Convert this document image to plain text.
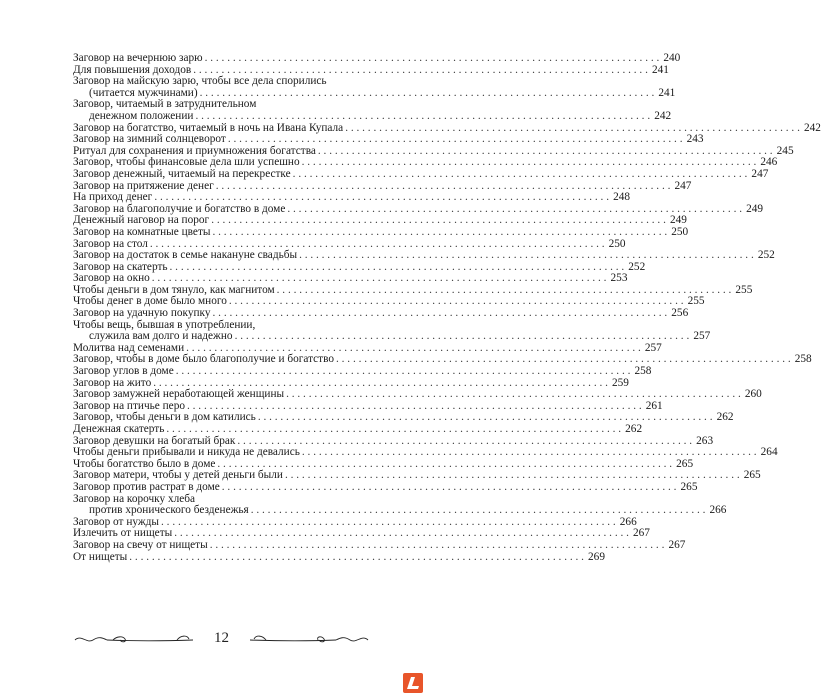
Заговор на вечернюю зарю . . .	240
Для повышения доходов . . .	241
Заговор на майскую зарю, чтобы все дела спорились
(читается мужчинами) . . .	241
Заговор, читаемый в затруднительном
денежном положении . . .	242
Заговор на богатство, читаемый в ночь на Ивана Купала . . .	242
Заговор на зимний солнцеворот . . .	243
Ритуал для сохранения и приумножения богатства . . .	245
Заговор, чтобы финансовые дела шли успешно . . .	246
Заговор денежный, читаемый на перекрестке . . .	247
Заговор на притяжение денег . . .	247
На приход денег . . .	248
Заговор на благополучие и богатство в доме . . .	249
Денежный наговор на порог . . .	249
Заговор на комнатные цветы . . .	250
Заговор на стол . . .	250
Заговор на достаток в семье накануне свадьбы . . .	252
Заговор на скатерть . . .	252
Заговор на окно . . .	253
Чтобы деньги в дом тянуло, как магнитом . . .	255
Чтобы денег в доме было много . . .	255
Заговор на удачную покупку . . .	256
Чтобы вещь, бывшая в употреблении,
служила вам долго и надежно . . .	257
Молитва над семенами . . .	257
Заговор, чтобы в доме было благополучие и богатство . . .	258
Заговор углов в доме . . .	258
Заговор на жито . . .	259
Заговор замужней неработающей женщины . . .	260
Заговор на птичье перо . . .	261
Заговор, чтобы деньги в дом катились . . .	262
Денежная скатерть . . .	262
Заговор девушки на богатый брак . . .	263
Чтобы деньги прибывали и никуда не девались . . .	264
Чтобы богатство было в доме . . .	265
Заговор матери, чтобы у детей деньги были . . .	265
Заговор против растрат в доме . . .	265
Заговор на корочку хлеба
против хронического безденежья . . .	266
Заговор от нужды . . .	266
Излечить от нищеты . . .	267
Заговор на свечу от нищеты . . .	267
От нищеты . . .	269
12
